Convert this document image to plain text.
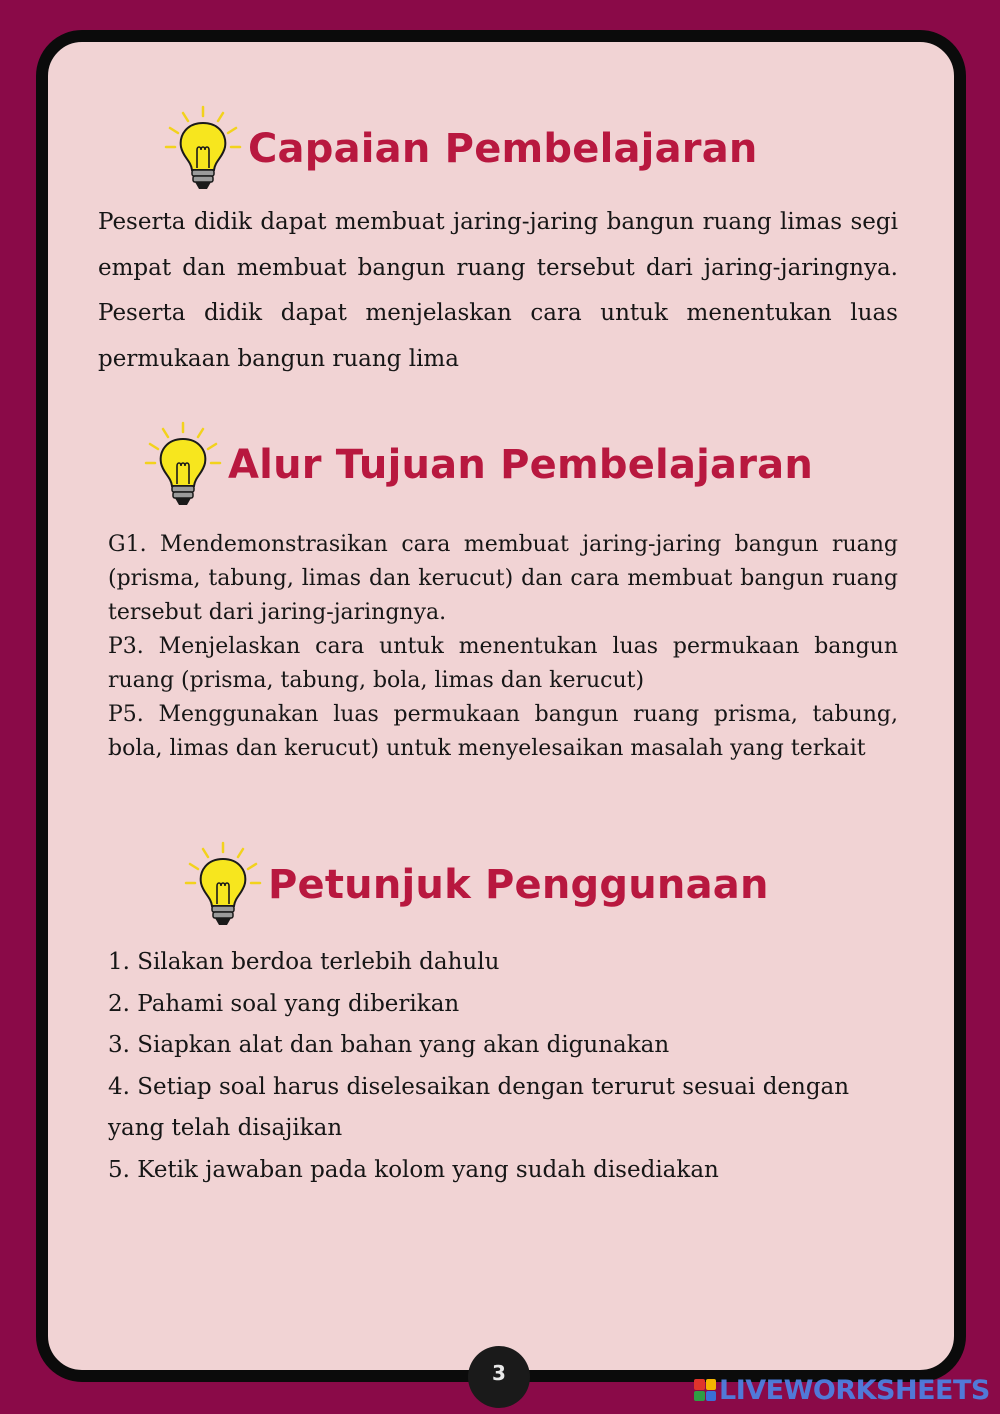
Capaian Pembelajaran

Peserta didik dapat membuat jaring-jaring bangun ruang limas segi empat dan membuat bangun ruang tersebut dari jaring-jaringnya. Peserta didik dapat menjelaskan cara untuk menentukan luas permukaan bangun ruang lima

Alur Tujuan Pembelajaran
G1. Mendemonstrasikan cara membuat jaring-jaring bangun ruang (prisma, tabung, limas dan kerucut) dan cara membuat bangun ruang tersebut dari jaring-jaringnya.
P3. Menjelaskan cara untuk menentukan luas permukaan bangun ruang (prisma, tabung, bola, limas dan kerucut)
P5. Menggunakan luas permukaan bangun ruang prisma, tabung, bola, limas dan kerucut) untuk menyelesaikan masalah yang terkait
Petunjuk Penggunaan
1. Silakan berdoa terlebih dahulu
2. Pahami soal yang diberikan
3. Siapkan alat dan bahan yang akan digunakan
4. Setiap soal harus diselesaikan dengan terurut sesuai dengan yang telah disajikan
5. Ketik jawaban pada kolom yang sudah disediakan
3
LIVEWORKSHEETS
